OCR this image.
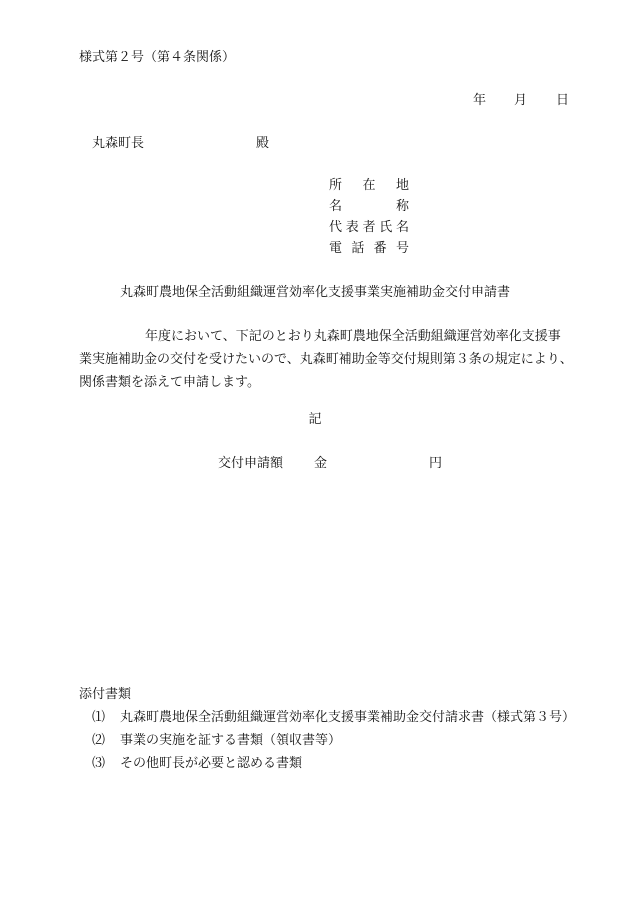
様式第２号（第４条関係）
年 月 日
丸森町長	殿
所 在 地
名	称
代 表 者 氏 名
電 話 番 号
丸森町農地保全活動組織運営効率化支援事業実施補助金交付申請書
年度において、下記のとおり丸森町農地保全活動組織運営効率化支援事
業実施補助金の交付を受けたいので、丸森町補助金等交付規則第３条の規定により、
関係書類を添えて申請します。
記
交付申請額 金	円
添付書類
⑴ 丸森町農地保全活動組織運営効率化支援事業補助金交付請求書（様式第３号）
⑵ 事業の実施を証する書類（領収書等）
⑶ その他町長が必要と認める書類
